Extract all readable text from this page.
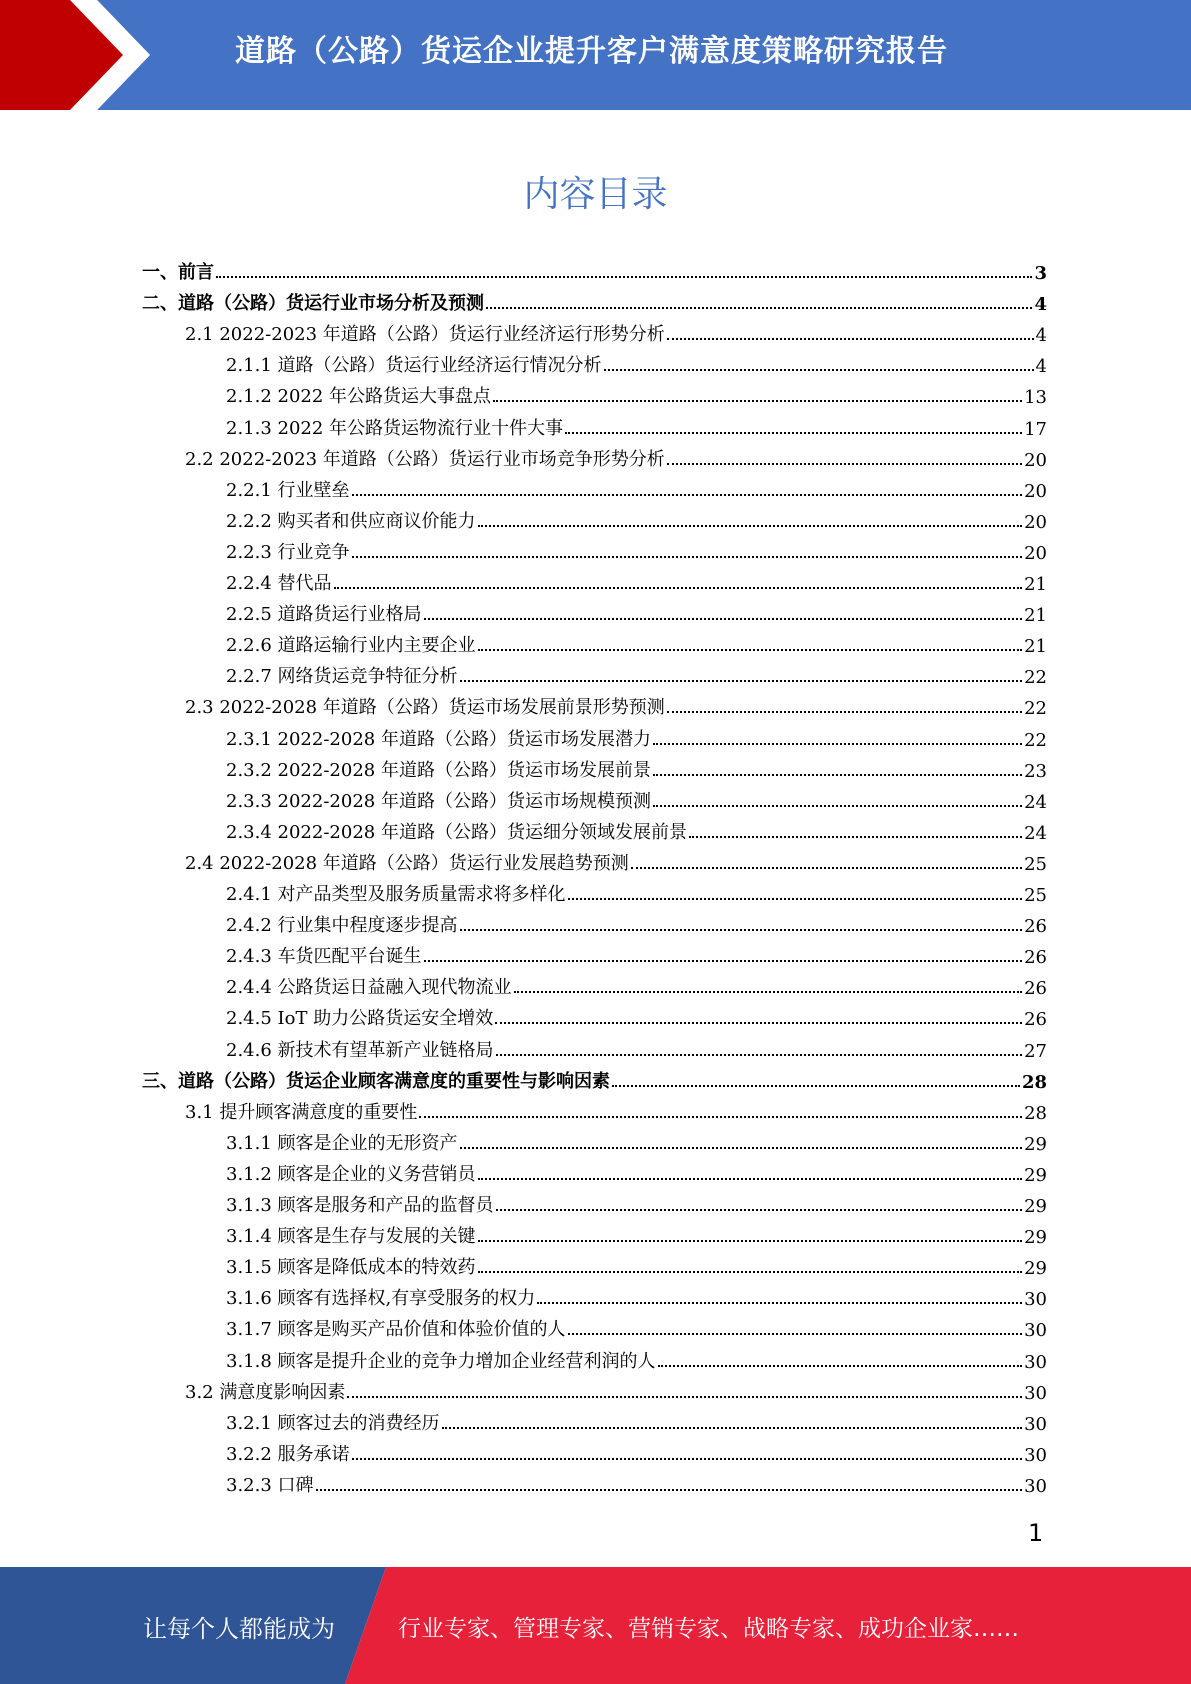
道路（公路）货运企业提升客户满意度策略研究报告
内容目录
一、前言	3
二、道路（公路）货运行业市场分析及预测	4
2.1 2022-2023 年道路（公路）货运行业经济运行形势分析	4
2.1.1 道路（公路）货运行业经济运行情况分析	4
2.1.2 2022 年公路货运大事盘点	13
2.1.3 2022 年公路货运物流行业十件大事	17
2.2 2022-2023 年道路（公路）货运行业市场竞争形势分析	20
2.2.1 行业壁垒	20
2.2.2 购买者和供应商议价能力	20
2.2.3 行业竞争	20
2.2.4 替代品	21
2.2.5 道路货运行业格局	21
2.2.6 道路运输行业内主要企业	21
2.2.7 网络货运竞争特征分析	22
2.3 2022-2028 年道路（公路）货运市场发展前景形势预测	22
2.3.1 2022-2028 年道路（公路）货运市场发展潜力	22
2.3.2 2022-2028 年道路（公路）货运市场发展前景	23
2.3.3 2022-2028 年道路（公路）货运市场规模预测	24
2.3.4 2022-2028 年道路（公路）货运细分领域发展前景	24
2.4 2022-2028 年道路（公路）货运行业发展趋势预测	25
2.4.1 对产品类型及服务质量需求将多样化	25
2.4.2 行业集中程度逐步提高	26
2.4.3 车货匹配平台诞生	26
2.4.4 公路货运日益融入现代物流业	26
2.4.5 IoT 助力公路货运安全增效	26
2.4.6 新技术有望革新产业链格局	27
三、道路（公路）货运企业顾客满意度的重要性与影响因素	28
3.1 提升顾客满意度的重要性	28
3.1.1 顾客是企业的无形资产	29
3.1.2 顾客是企业的义务营销员	29
3.1.3 顾客是服务和产品的监督员	29
3.1.4 顾客是生存与发展的关键	29
3.1.5 顾客是降低成本的特效药	29
3.1.6 顾客有选择权,有享受服务的权力	30
3.1.7 顾客是购买产品价值和体验价值的人	30
3.1.8 顾客是提升企业的竞争力增加企业经营利润的人	30
3.2 满意度影响因素	30
3.2.1 顾客过去的消费经历	30
3.2.2 服务承诺	30
3.2.3 口碑	30
1
让每个人都能成为	行业专家、管理专家、营销专家、战略专家、成功企业家……
